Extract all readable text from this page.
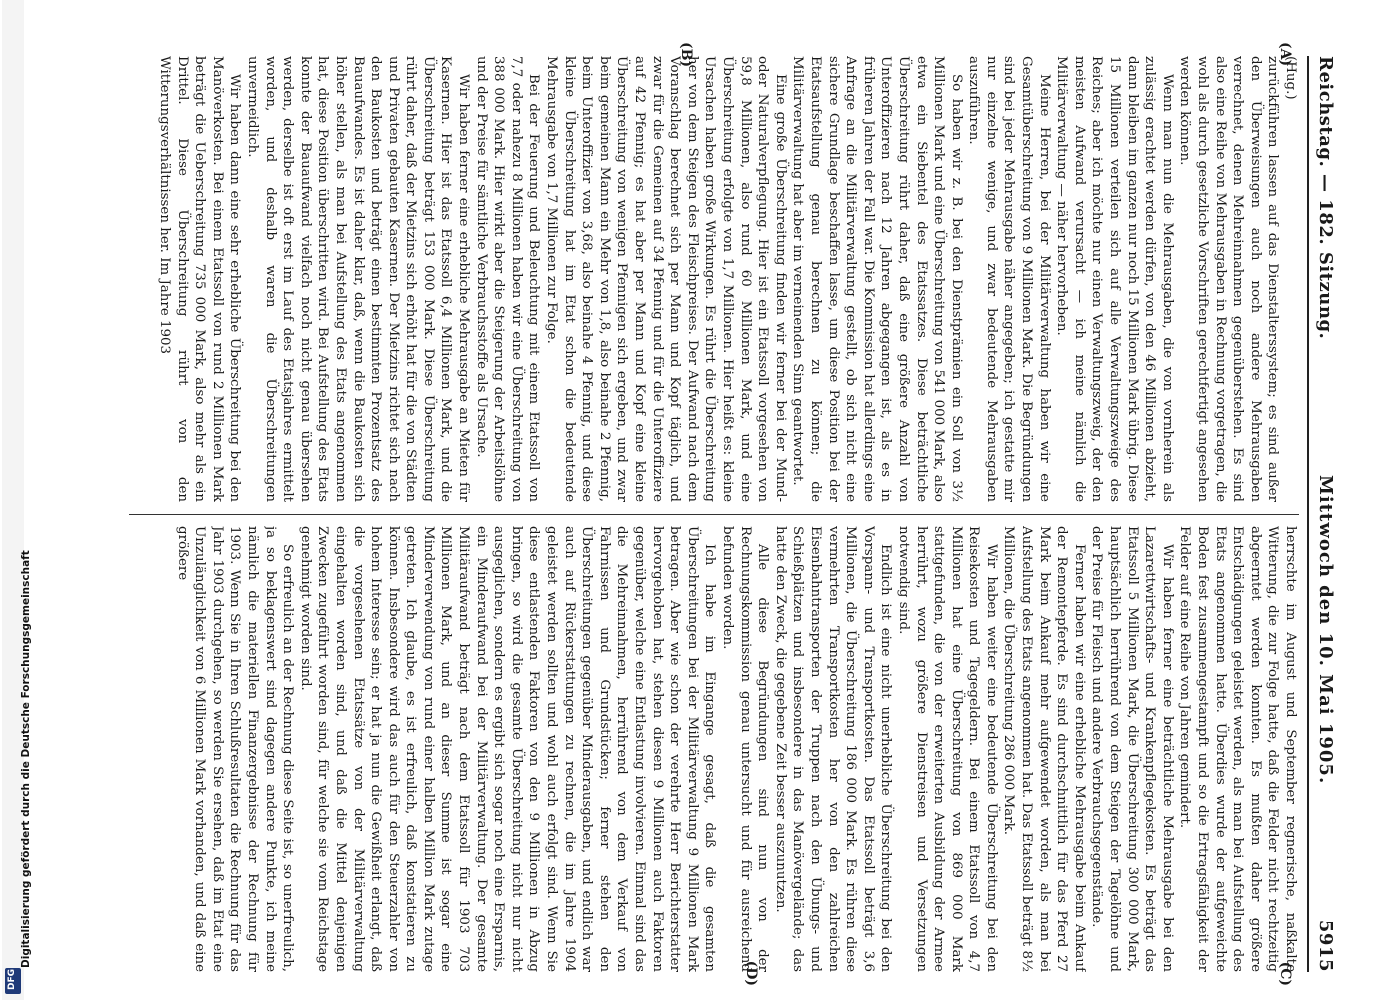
Digitalisierung gefördert durch die Deutsche Forschungsgemeinschaft
DFG
Reichstag. — 182. Sitzung.
Mittwoch den 10. Mai 1905.
5915
(A)
(B)
(C)
(D)

(Hug.)

zurückführen lassen auf das Dienstalterssystem; es sind außer den Überweisungen auch noch andere Mehrausgaben verrechnet, denen Mehreinnahmen gegenüberstehen. Es sind also eine Reihe von Mehrausgaben in Rechnung vorgetragen, die wohl als durch gesetzliche Vorschriften gerechtfertigt angesehen werden können.

Wenn man nun die Mehrausgaben, die von vornherein als zulässig erachtet werden dürfen, von den 46 Millionen abzieht, dann bleiben im ganzen nur noch 15 Millionen Mark übrig. Diese 15 Millionen verteilen sich auf alle Verwaltungszweige des Reiches; aber ich möchte nur einen Verwaltungszweig, der den meisten Aufwand verursacht — ich meine nämlich die Militärverwaltung — näher hervorheben.

Meine Herren, bei der Militärverwaltung haben wir eine Gesamtüberschreitung von 9 Millionen Mark. Die Begründungen sind bei jeder Mehrausgabe näher angegeben; ich gestatte mir nur einzelne wenige, und zwar bedeutende Mehrausgaben auszuführen.

So haben wir z. B. bei den Dienstprämien ein Soll von 3½ Millionen Mark und eine Überschreitung von 541 000 Mark, also etwa ein Siebentel des Etatssatzes. Diese beträchtliche Überschreitung rührt daher, daß eine größere Anzahl von Unteroffizieren nach 12 Jahren abgegangen ist, als es in früheren Jahren der Fall war. Die Kommission hat allerdings eine Anfrage an die Militärverwaltung gestellt, ob sich nicht eine sichere Grundlage beschaffen lasse, um diese Position bei der Etatsaufstellung genau berechnen zu können; die Militärverwaltung hat aber im verneinenden Sinn geantwortet.

Eine große Überschreitung finden wir ferner bei der Mund- oder Naturalverpflegung. Hier ist ein Etatssoll vorgesehen von 59,8 Millionen, also rund 60 Millionen Mark, und eine Überschreitung erfolgte von 1,7 Millionen. Hier heißt es: kleine Ursachen haben große Wirkungen. Es rührt die Überschreitung her von dem Steigen des Fleischpreises. Der Aufwand nach dem Voranschlag berechnet sich per Mann und Kopf täglich, und zwar für die Gemeinen auf 34 Pfennig und für die Unteroffiziere auf 42 Pfennig; es hat aber per Mann und Kopf eine kleine Überschreitung von wenigen Pfennigen sich ergeben, und zwar beim gemeinen Mann ein Mehr von 1,8, also beinahe 2 Pfennig, beim Unteroffizier von 3,68, also beinahe 4 Pfennig, und diese kleine Überschreitung hat im Etat schon die bedeutende Mehrausgabe von 1,7 Millionen zur Folge.

Bei der Feuerung und Beleuchtung mit einem Etatssoll von 7,7 oder nahezu 8 Millionen haben wir eine Überschreitung von 388 000 Mark. Hier wirkt aber die Steigerung der Arbeitslöhne und der Preise für sämtliche Verbrauchsstoffe als Ursache.

Wir haben ferner eine erhebliche Mehrausgabe an Mieten für Kasernen. Hier ist das Etatssoll 6,4 Millionen Mark, und die Überschreitung beträgt 153 000 Mark. Diese Überschreitung rührt daher, daß der Mietzins sich erhöht hat für die von Städten und Privaten gebauten Kasernen. Der Mietzins richtet sich nach den Baukosten und beträgt einen bestimmten Prozentsatz des Bauaufwandes. Es ist daher klar, daß, wenn die Baukosten sich höher stellen, als man bei Aufstellung des Etats angenommen hat, diese Position überschritten wird. Bei Aufstellung des Etats konnte der Bauaufwand vielfach noch nicht genau übersehen werden, derselbe ist oft erst im Lauf des Etatsjahres ermittelt worden, und deshalb waren die Überschreitungen unvermeidlich.

Wir haben dann eine sehr erhebliche Überschreitung bei den Manöverkosten. Bei einem Etatssoll von rund 2 Millionen Mark beträgt die Ueberschreitung 735 000 Mark, also mehr als ein Drittel. Diese Überschreitung rührt von den Witterungsverhältnissen her. Im Jahre 1903

herrschte im August und September regnerische, naßkalte Witterung, die zur Folge hatte, daß die Felder nicht rechtzeitig abgeerntet werden konnten. Es mußten daher größere Entschädigungen geleistet werden, als man bei Aufstellung des Etats angenommen hatte. Überdies wurde der aufgeweichte Boden fest zusammengestampft und so die Ertragsfähigkeit der Felder auf eine Reihe von Jahren gemindert.

Wir haben ferner eine beträchtliche Mehrausgabe bei den Lazarettwirtschafts- und Krankenpflegekosten. Es beträgt das Etatssoll 5 Millionen Mark, die Überschreitung 300 000 Mark, hauptsächlich herrührend von dem Steigen der Tagelöhne und der Preise für Fleisch und andere Verbrauchsgegenstände.

Ferner haben wir eine erhebliche Mehrausgabe beim Ankauf der Remontepferde. Es sind durchschnittlich für das Pferd 27 Mark beim Ankauf mehr aufgewendet worden, als man bei Aufstellung des Etats angenommen hat. Das Etatssoll beträgt 8½ Millionen, die Überschreitung 286 000 Mark.

Wir haben weiter eine bedeutende Überschreitung bei den Reisekosten und Tagegeldern. Bei einem Etatssoll von 4,7 Millionen hat eine Überschreitung von 869 000 Mark stattgefunden, die von der erweiterten Ausbildung der Armee herrührt, wozu größere Dienstreisen und Versetzungen notwendig sind.

Endlich ist eine nicht unerhebliche Überschreitung bei den Vorspann- und Transportkosten. Das Etatssoll beträgt 3,6 Millionen, die Überschreitung 186 000 Mark. Es rühren diese vermehrten Transportkosten her von den zahlreichen Eisenbahntransporten der Truppen nach den Übungs- und Schießplätzen und insbesondere in das Manövergelände; das hatte den Zweck, die gegebene Zeit besser auszunutzen.

Alle diese Begründungen sind nun von der Rechnungskommission genau untersucht und für ausreichend befunden worden.

Ich habe im Eingange gesagt, daß die gesamten Überschreitungen bei der Militärverwaltung 9 Millionen Mark betragen. Aber wie schon der verehrte Herr Berichterstatter hervorgehoben hat, stehen diesen 9 Millionen auch Faktoren gegenüber, welche eine Entlastung involvieren. Einmal sind das die Mehreinnahmen, herrührend von dem Verkauf von Fahrnissen und Grundstücken; ferner stehen den Überschreitungen gegenüber Minderausgaben, und endlich war auch auf Rückerstattungen zu rechnen, die im Jahre 1904 geleistet werden sollten und wohl auch erfolgt sind. Wenn Sie diese entlastenden Faktoren von den 9 Millionen in Abzug bringen, so wird die gesamte Überschreitung nicht nur nicht ausgeglichen, sondern es ergibt sich sogar noch eine Ersparnis, ein Minderaufwand bei der Militärverwaltung. Der gesamte Militäraufwand beträgt nach dem Etatssoll für 1903 703 Millionen Mark, und an dieser Summe ist sogar eine Minderverwendung von rund einer halben Million Mark zutage getreten. Ich glaube, es ist erfreulich, daß konstatieren zu können. Insbesondere wird das auch für den Steuerzahler von hohem Interesse sein; er hat ja nun die Gewißheit erlangt, daß die vorgesehenen Etatssätze von der Militärverwaltung eingehalten worden sind, und daß die Mittel denjenigen Zwecken zugeführt worden sind, für welche sie vom Reichstage genehmigt worden sind.

So erfreulich an der Rechnung diese Seite ist, so unerfreulich, ja so beklagenswert sind dagegen andere Punkte, ich meine nämlich die materiellen Finanzergebnisse der Rechnung für 1903. Wenn Sie in Ihren Schlußresultaten die Rechnung für das Jahr 1903 durchgehen, so werden Sie ersehen, daß im Etat eine Unzulänglichkeit von 6 Millionen Mark vorhanden, und daß eine größere
